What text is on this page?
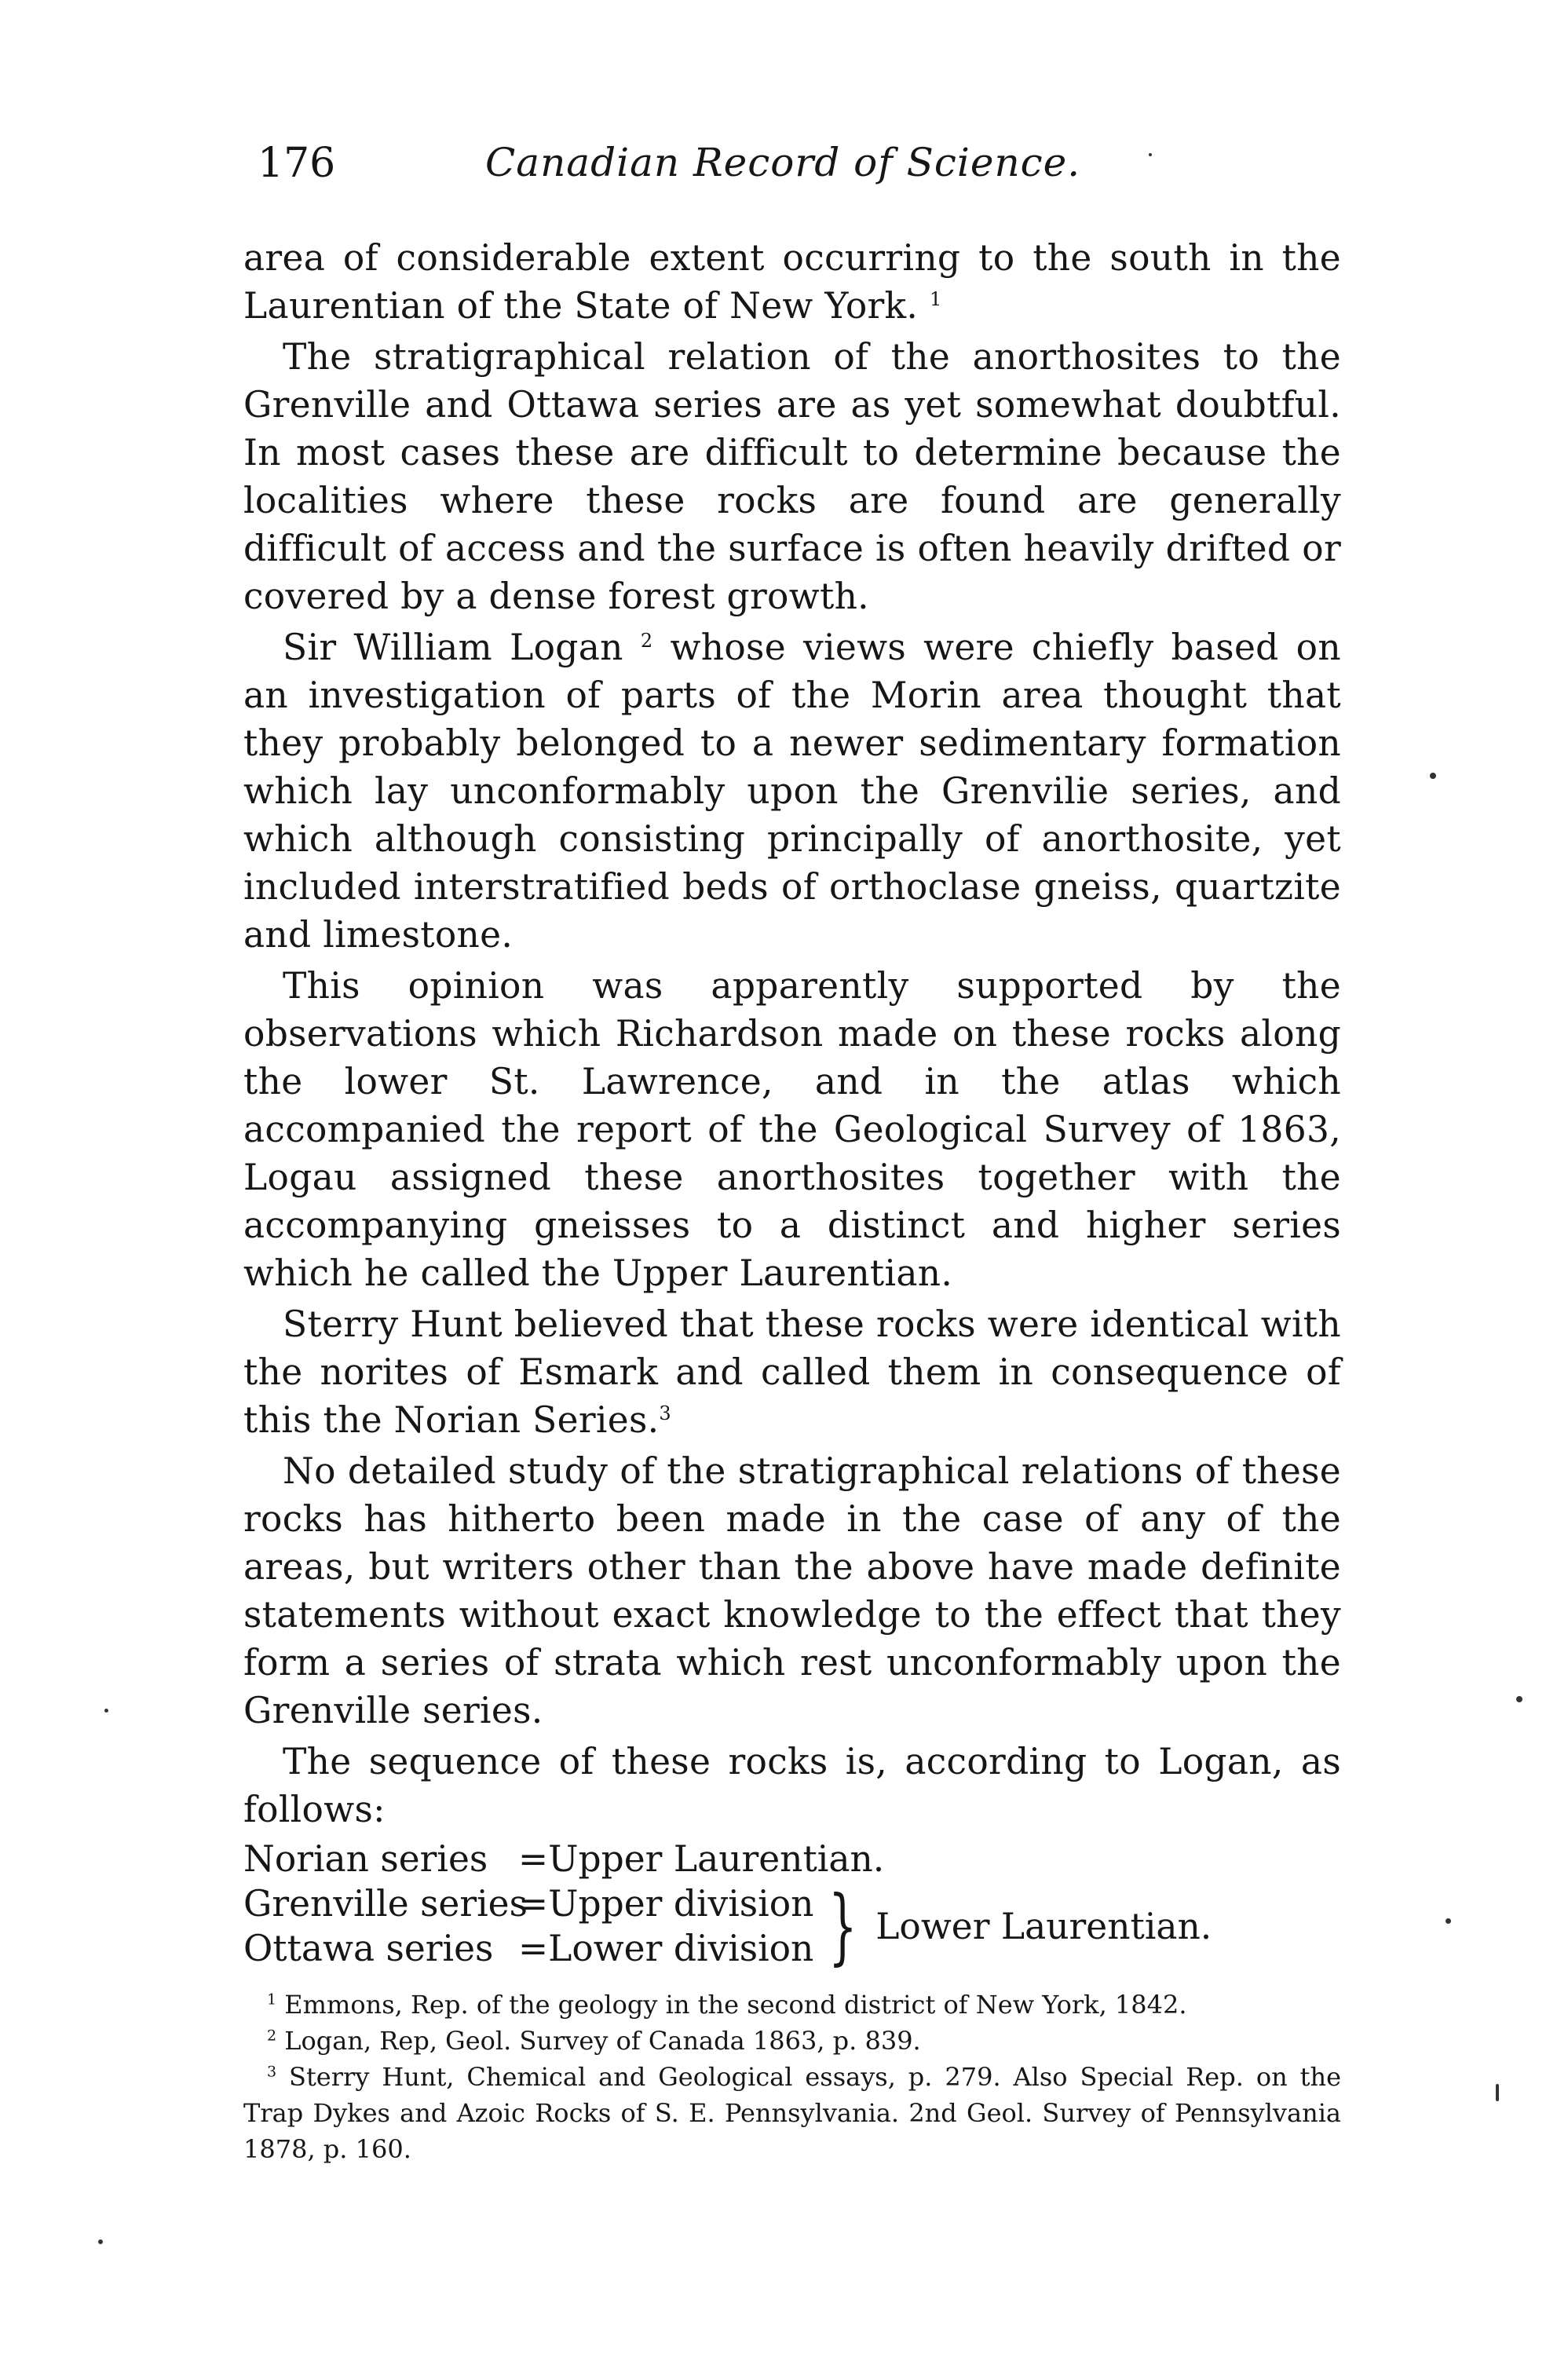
176	Canadian Record of Science.

area of considerable extent occurring to the south in the Laurentian of the State of New York. $^1$

The stratigraphical relation of the anorthosites to the Grenville and Ottawa series are as yet somewhat doubtful. In most cases these are difficult to determine because the localities where these rocks are found are generally difficult of access and the surface is often heavily drifted or covered by a dense forest growth.

Sir William Logan $^2$ whose views were chiefly based on an investigation of parts of the Morin area thought that they probably belonged to a newer sedimentary formation which lay unconformably upon the Grenvilie series, and which although consisting principally of anorthosite, yet included interstratified beds of orthoclase gneiss, quartzite and limestone.

This opinion was apparently supported by the observations which Richardson made on these rocks along the lower St. Lawrence, and in the atlas which accompanied the report of the Geological Survey of 1863, Logau assigned these anorthosites together with the accompanying gneisses to a distinct and higher series which he called the Upper Laurentian.

Sterry Hunt believed that these rocks were identical with the norites of Esmark and called them in consequence of this the Norian Series.$^3$

No detailed study of the stratigraphical relations of these rocks has hitherto been made in the case of any of the areas, but writers other than the above have made definite statements without exact knowledge to the effect that they form a series of strata which rest unconformably upon the Grenville series.

The sequence of these rocks is, according to Logan, as follows:

Norian series =Upper Laurentian.
Grenville series
=Upper division
Ottawa series =Lower division } Lower Laurentian.

$^1$ Emmons, Rep. of the geology in the second district of New York, 1842.

$^2$ Logan, Rep, Geol. Survey of Canada 1863, p. 839.

$^3$ Sterry Hunt, Chemical and Geological essays, p. 279. Also Special Rep. on the Trap Dykes and Azoic Rocks of S. E. Pennsylvania. 2nd Geol. Survey of Pennsylvania 1878, p. 160.
